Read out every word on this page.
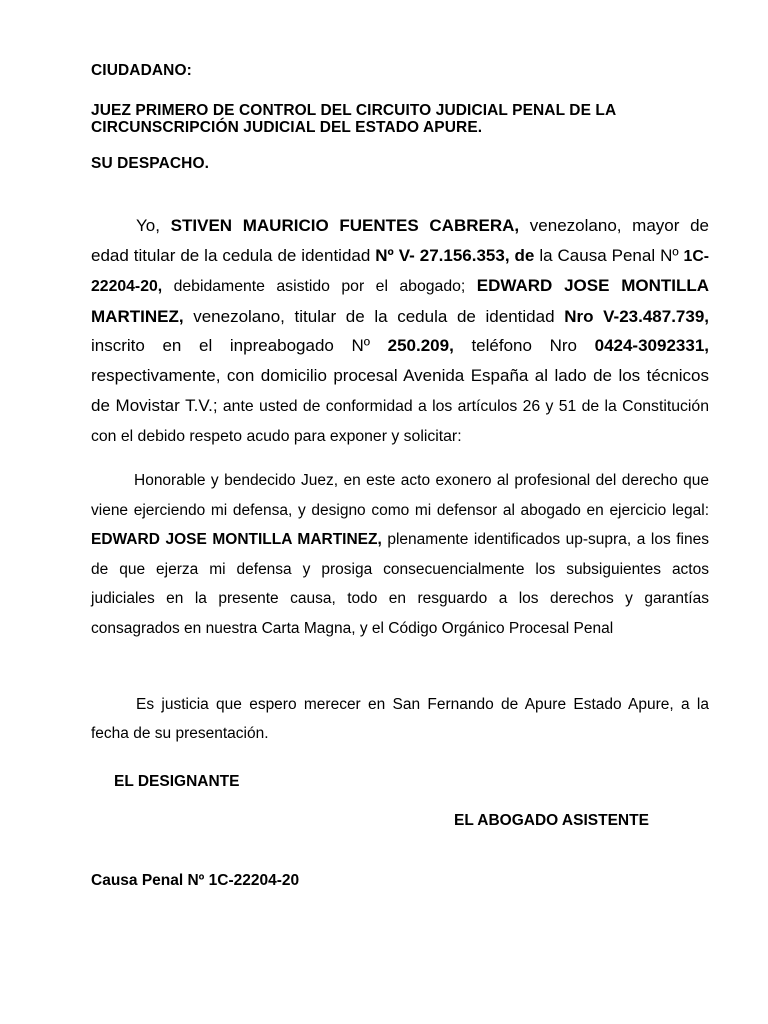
CIUDADANO:
JUEZ PRIMERO DE CONTROL DEL CIRCUITO JUDICIAL PENAL DE LA
CIRCUNSCRIPCIÓN JUDICIAL DEL ESTADO APURE.
SU DESPACHO.

Yo, STIVEN MAURICIO FUENTES CABRERA, venezolano, mayor de edad titular de la cedula de identidad Nº V- 27.156.353, de la Causa Penal Nº 1C-22204-20, debidamente asistido por el abogado; EDWARD JOSE MONTILLA MARTINEZ, venezolano, titular de la cedula de identidad Nro V-23.487.739, inscrito en el inpreabogado Nº 250.209, teléfono Nro 0424-3092331, respectivamente, con domicilio procesal Avenida España al lado de los técnicos de Movistar T.V.; ante usted de conformidad a los artículos 26 y 51 de la Constitución con el debido respeto acudo para exponer y solicitar:

Honorable y bendecido Juez, en este acto exonero al profesional del derecho que viene ejerciendo mi defensa, y designo como mi defensor al abogado en ejercicio legal: EDWARD JOSE MONTILLA MARTINEZ, plenamente identificados up-supra, a los fines de que ejerza mi defensa y prosiga consecuencialmente los subsiguientes actos judiciales en la presente causa, todo en resguardo a los derechos y garantías consagrados en nuestra Carta Magna, y el Código Orgánico Procesal Penal

Es justicia que espero merecer en San Fernando de Apure Estado Apure, a la fecha de su presentación.

EL DESIGNANTE
EL ABOGADO ASISTENTE
Causa Penal Nº 1C-22204-20
